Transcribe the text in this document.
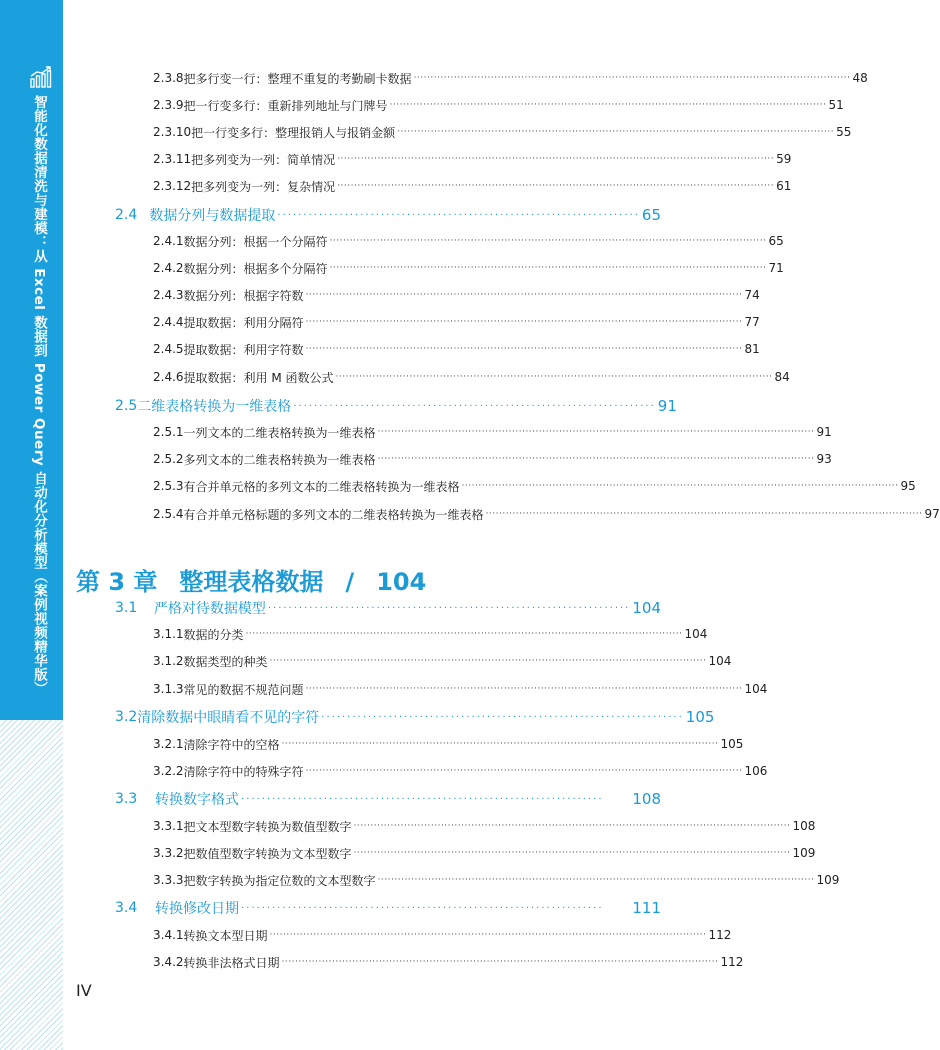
智能化数据清洗与建模：从 Excel 数据到 Power Query 自动化分析模型（案例视频精华版）
2.3.8 把多行变一行：整理不重复的考勤刷卡数据 ·································································································································· 48
2.3.9 把一行变多行：重新排列地址与门牌号 ·································································································································· 51
2.3.10 把一行变多行：整理报销人与报销金额 ·································································································································· 55
2.3.11 把多列变为一列：简单情况 ·································································································································· 59
2.3.12 把多列变为一列：复杂情况 ·································································································································· 61
2.4 数据分列与数据提取 ······································································ 65
2.4.1 数据分列：根据一个分隔符 ·································································································································· 65
2.4.2 数据分列：根据多个分隔符 ·································································································································· 71
2.4.3 数据分列：根据字符数 ·································································································································· 74
2.4.4 提取数据：利用分隔符 ·································································································································· 77
2.4.5 提取数据：利用字符数 ·································································································································· 81
2.4.6 提取数据：利用 M 函数公式 ·································································································································· 84
2.5 二维表格转换为一维表格 ······································································ 91
2.5.1 一列文本的二维表格转换为一维表格 ·································································································································· 91
2.5.2 多列文本的二维表格转换为一维表格 ·································································································································· 93
2.5.3 有合并单元格的多列文本的二维表格转换为一维表格 ·································································································································· 95
2.5.4 有合并单元格标题的多列文本的二维表格转换为一维表格 ·································································································································· 97
第 3 章 整理表格数据 / 104
3.1	严格对待数据模型 ······································································ 104
3.1.1 数据的分类 ·································································································································· 104
3.1.2 数据类型的种类 ·································································································································· 104
3.1.3 常见的数据不规范问题 ·································································································································· 104
3.2 清除数据中眼睛看不见的字符 ······································································ 105
3.2.1 清除字符中的空格 ·································································································································· 105
3.2.2 清除字符中的特殊字符 ·································································································································· 106
3.3	转换数字格式 ······································································	108
3.3.1 把文本型数字转换为数值型数字 ·································································································································· 108
3.3.2 把数值型数字转换为文本型数字 ·································································································································· 109
3.3.3 把数字转换为指定位数的文本型数字 ·································································································································· 109
3.4	转换修改日期 ······································································	111
3.4.1 转换文本型日期 ·································································································································· 112
3.4.2 转换非法格式日期 ·································································································································· 112
IV
